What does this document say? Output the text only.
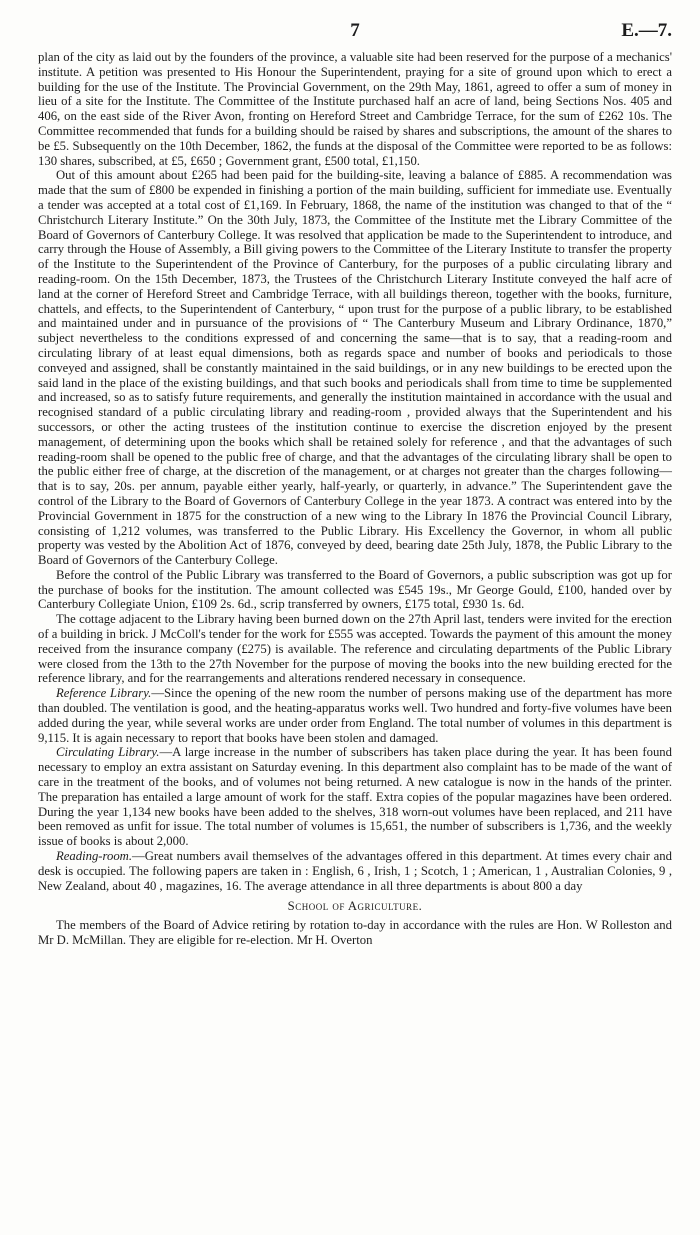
7	E.—7.

plan of the city as laid out by the founders of the province, a valuable site had been reserved for the purpose of a mechanics' institute. A petition was presented to His Honour the Superintendent, praying for a site of ground upon which to erect a building for the use of the Institute. The Provincial Government, on the 29th May, 1861, agreed to offer a sum of money in lieu of a site for the Institute. The Committee of the Institute purchased half an acre of land, being Sections Nos. 405 and 406, on the east side of the River Avon, fronting on Hereford Street and Cambridge Terrace, for the sum of £262 10s. The Committee recommended that funds for a building should be raised by shares and subscriptions, the amount of the shares to be £5. Subsequently on the 10th December, 1862, the funds at the disposal of the Committee were reported to be as follows: 130 shares, subscribed, at £5, £650 ; Government grant, £500 total, £1,150.

Out of this amount about £265 had been paid for the building-site, leaving a balance of £885. A recommendation was made that the sum of £800 be expended in finishing a portion of the main building, sufficient for immediate use. Eventually a tender was accepted at a total cost of £1,169. In February, 1868, the name of the institution was changed to that of the “ Christchurch Literary Institute.” On the 30th July, 1873, the Committee of the Institute met the Library Committee of the Board of Governors of Canterbury College. It was resolved that application be made to the Superintendent to introduce, and carry through the House of Assembly, a Bill giving powers to the Committee of the Literary Institute to transfer the property of the Institute to the Superintendent of the Province of Canterbury, for the purposes of a public circulating library and reading-room. On the 15th December, 1873, the Trustees of the Christchurch Literary Institute conveyed the half acre of land at the corner of Hereford Street and Cambridge Terrace, with all buildings thereon, together with the books, furniture, chattels, and effects, to the Superintendent of Canterbury, “ upon trust for the purpose of a public library, to be established and maintained under and in pursuance of the provisions of “ The Canterbury Museum and Library Ordinance, 1870,” subject nevertheless to the conditions expressed of and concerning the same—that is to say, that a reading-room and circulating library of at least equal dimensions, both as regards space and number of books and periodicals to those conveyed and assigned, shall be constantly maintained in the said buildings, or in any new buildings to be erected upon the said land in the place of the existing buildings, and that such books and periodicals shall from time to time be supplemented and increased, so as to satisfy future requirements, and generally the institution maintained in accordance with the usual and recognised standard of a public circulating library and reading-room , provided always that the Superintendent and his successors, or other the acting trustees of the institution continue to exercise the discretion enjoyed by the present management, of determining upon the books which shall be retained solely for reference , and that the advantages of such reading-room shall be opened to the public free of charge, and that the advantages of the circulating library shall be open to the public either free of charge, at the discretion of the management, or at charges not greater than the charges following—that is to say, 20s. per annum, payable either yearly, half-yearly, or quarterly, in advance.” The Superintendent gave the control of the Library to the Board of Governors of Canterbury College in the year 1873. A contract was entered into by the Provincial Government in 1875 for the construction of a new wing to the Library In 1876 the Provincial Council Library, consisting of 1,212 volumes, was transferred to the Public Library. His Excellency the Governor, in whom all public property was vested by the Abolition Act of 1876, conveyed by deed, bearing date 25th July, 1878, the Public Library to the Board of Governors of the Canterbury College.

Before the control of the Public Library was transferred to the Board of Governors, a public subscription was got up for the purchase of books for the institution. The amount collected was £545 19s., Mr George Gould, £100, handed over by Canterbury Collegiate Union, £109 2s. 6d., scrip transferred by owners, £175 total, £930 1s. 6d.

The cottage adjacent to the Library having been burned down on the 27th April last, tenders were invited for the erection of a building in brick. J McColl's tender for the work for £555 was accepted. Towards the payment of this amount the money received from the insurance company (£275) is available. The reference and circulating departments of the Public Library were closed from the 13th to the 27th November for the purpose of moving the books into the new building erected for the reference library, and for the rearrangements and alterations rendered necessary in consequence.

Reference Library.—Since the opening of the new room the number of persons making use of the department has more than doubled. The ventilation is good, and the heating-apparatus works well. Two hundred and forty-five volumes have been added during the year, while several works are under order from England. The total number of volumes in this department is 9,115. It is again necessary to report that books have been stolen and damaged.

Circulating Library.—A large increase in the number of subscribers has taken place during the year. It has been found necessary to employ an extra assistant on Saturday evening. In this department also complaint has to be made of the want of care in the treatment of the books, and of volumes not being returned. A new catalogue is now in the hands of the printer. The preparation has entailed a large amount of work for the staff. Extra copies of the popular magazines have been ordered. During the year 1,134 new books have been added to the shelves, 318 worn-out volumes have been replaced, and 211 have been removed as unfit for issue. The total number of volumes is 15,651, the number of subscribers is 1,736, and the weekly issue of books is about 2,000.

Reading-room.—Great numbers avail themselves of the advantages offered in this department. At times every chair and desk is occupied. The following papers are taken in : English, 6 , Irish, 1 ; Scotch, 1 ; American, 1 , Australian Colonies, 9 , New Zealand, about 40 , magazines, 16. The average attendance in all three departments is about 800 a day

School of Agriculture.

The members of the Board of Advice retiring by rotation to-day in accordance with the rules are Hon. W Rolleston and Mr D. McMillan. They are eligible for re-election. Mr H. Overton
